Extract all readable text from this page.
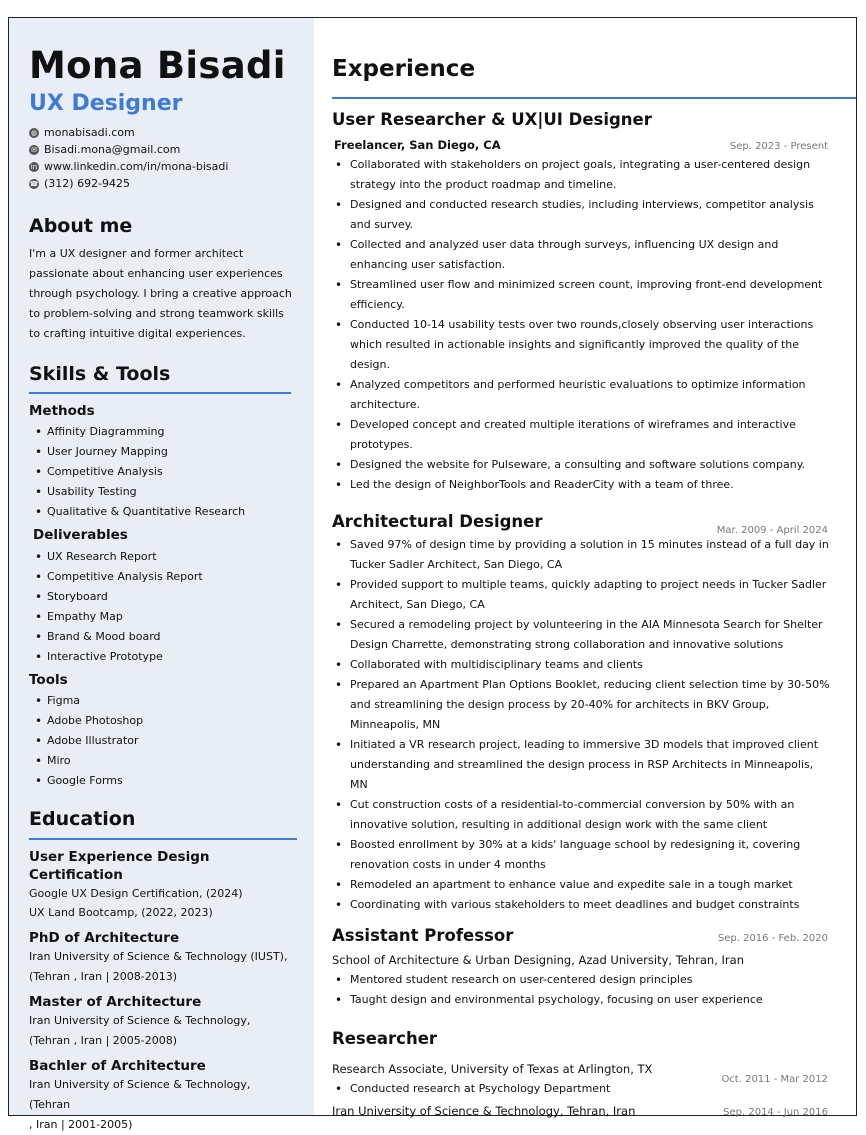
Mona Bisadi
UX Designer
◍ monabisadi.com
✉ Bisadi.mona@gmail.com
in www.linkedin.com/in/mona-bisadi
☎ (312) 692-9425
About me
I'm a UX designer and former architect passionate about enhancing user experiences through psychology. I bring a creative approach to problem-solving and strong teamwork skills to crafting intuitive digital experiences.
Skills & Tools
Methods
• Affinity Diagramming
• User Journey Mapping
• Competitive Analysis
• Usability Testing
• Qualitative & Quantitative Research
Deliverables
• UX Research Report
• Competitive Analysis Report
• Storyboard
• Empathy Map
• Brand & Mood board
• Interactive Prototype
Tools
• Figma
• Adobe Photoshop
• Adobe Illustrator
• Miro
• Google Forms
Education
User Experience Design Certification
Google UX Design Certification, (2024)
UX Land Bootcamp, (2022, 2023)
PhD of Architecture
Iran University of Science & Technology (IUST),
(Tehran , Iran | 2008-2013)
Master of Architecture
Iran University of Science & Technology,
(Tehran , Iran | 2005-2008)
Bachler of Architecture
Iran University of Science & Technology, (Tehran
, Iran | 2001-2005)
Experience
User Researcher & UX|UI Designer
Freelancer, San Diego, CA	Sep. 2023 - Present
• Collaborated with stakeholders on project goals, integrating a user-centered design strategy into the product roadmap and timeline.
• Designed and conducted research studies, including interviews, competitor analysis and survey.
• Collected and analyzed user data through surveys, influencing UX design and enhancing user satisfaction.
• Streamlined user flow and minimized screen count, improving front-end development efficiency.
• Conducted 10-14 usability tests over two rounds,closely observing user interactions which resulted in actionable insights and significantly improved the quality of the design.
• Analyzed competitors and performed heuristic evaluations to optimize information architecture.
• Developed concept and created multiple iterations of wireframes and interactive prototypes.
• Designed the website for Pulseware, a consulting and software solutions company.
• Led the design of NeighborTools and ReaderCity with a team of three.
Architectural Designer	Mar. 2009 - April 2024
• Saved 97% of design time by providing a solution in 15 minutes instead of a full day in Tucker Sadler Architect, San Diego, CA
• Provided support to multiple teams, quickly adapting to project needs in Tucker Sadler Architect, San Diego, CA
• Secured a remodeling project by volunteering in the AIA Minnesota Search for Shelter Design Charrette, demonstrating strong collaboration and innovative solutions
• Collaborated with multidisciplinary teams and clients
• Prepared an Apartment Plan Options Booklet, reducing client selection time by 30-50% and streamlining the design process by 20-40% for architects in BKV Group, Minneapolis, MN
• Initiated a VR research project, leading to immersive 3D models that improved client understanding and streamlined the design process in RSP Architects in Minneapolis, MN
• Cut construction costs of a residential-to-commercial conversion by 50% with an innovative solution, resulting in additional design work with the same client
• Boosted enrollment by 30% at a kids' language school by redesigning it, covering renovation costs in under 4 months
• Remodeled an apartment to enhance value and expedite sale in a tough market
• Coordinating with various stakeholders to meet deadlines and budget constraints
Assistant Professor	Sep. 2016 - Feb. 2020
School of Architecture & Urban Designing, Azad University, Tehran, Iran
• Mentored student research on user-centered design principles
• Taught design and environmental psychology, focusing on user experience
Researcher
Research Associate, University of Texas at Arlington, TX
Oct. 2011 - Mar 2012
• Conducted research at Psychology Department
Iran University of Science & Technology, Tehran, Iran	Sep. 2014 - Jun 2016
